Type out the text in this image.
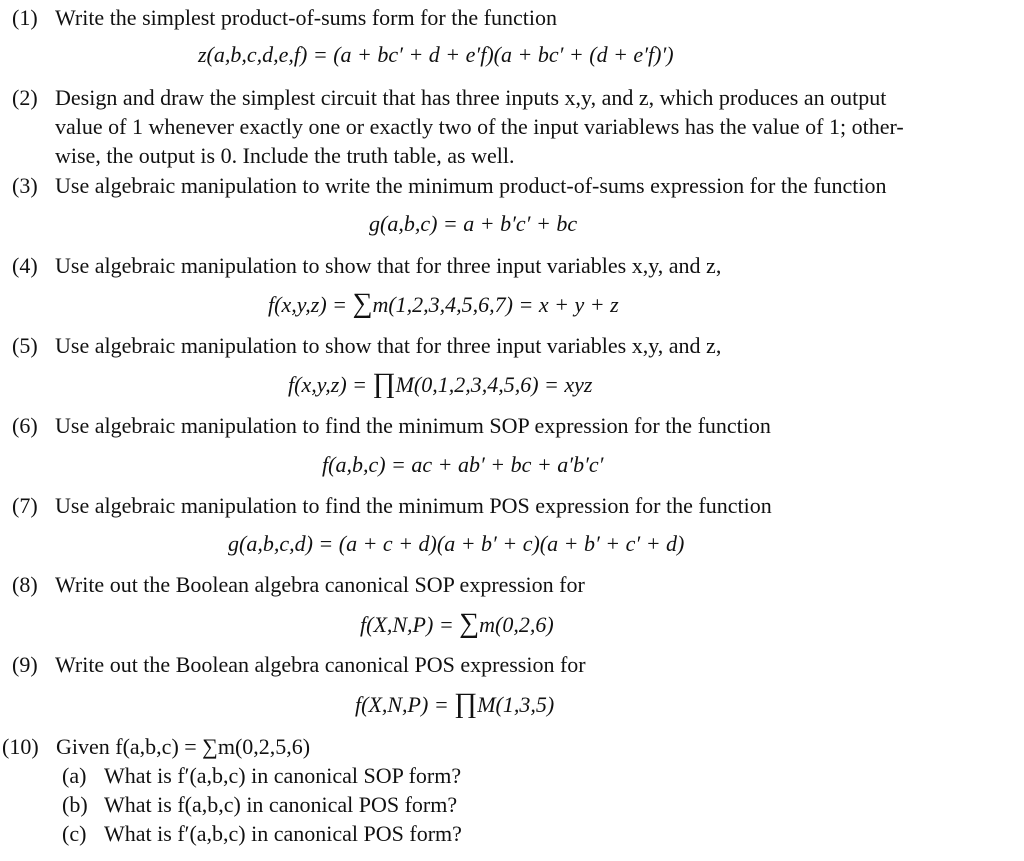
(1) Write the simplest product-of-sums form for the function
z(a,b,c,d,e,f) = (a + bc′ + d + e′f)(a + bc′ + (d + e′f)′)
(2) Design and draw the simplest circuit that has three inputs x,y, and z, which produces an output
value of 1 whenever exactly one or exactly two of the input variablews has the value of 1; other-
wise, the output is 0. Include the truth table, as well.
(3) Use algebraic manipulation to write the minimum product-of-sums expression for the function
g(a,b,c) = a + b′c′ + bc
(4) Use algebraic manipulation to show that for three input variables x,y, and z,
f(x,y,z) = ∑m(1,2,3,4,5,6,7) = x + y + z
(5) Use algebraic manipulation to show that for three input variables x,y, and z,
f(x,y,z) = ∏M(0,1,2,3,4,5,6) = xyz
(6) Use algebraic manipulation to find the minimum SOP expression for the function
f(a,b,c) = ac + ab′ + bc + a′b′c′
(7) Use algebraic manipulation to find the minimum POS expression for the function
g(a,b,c,d) = (a + c + d)(a + b′ + c)(a + b′ + c′ + d)
(8) Write out the Boolean algebra canonical SOP expression for
f(X,N,P) = ∑m(0,2,6)
(9) Write out the Boolean algebra canonical POS expression for
f(X,N,P) = ∏M(1,3,5)
(10) Given f(a,b,c) = ∑m(0,2,5,6)
(a) What is f′(a,b,c) in canonical SOP form?
(b) What is f(a,b,c) in canonical POS form?
(c) What is f′(a,b,c) in canonical POS form?
